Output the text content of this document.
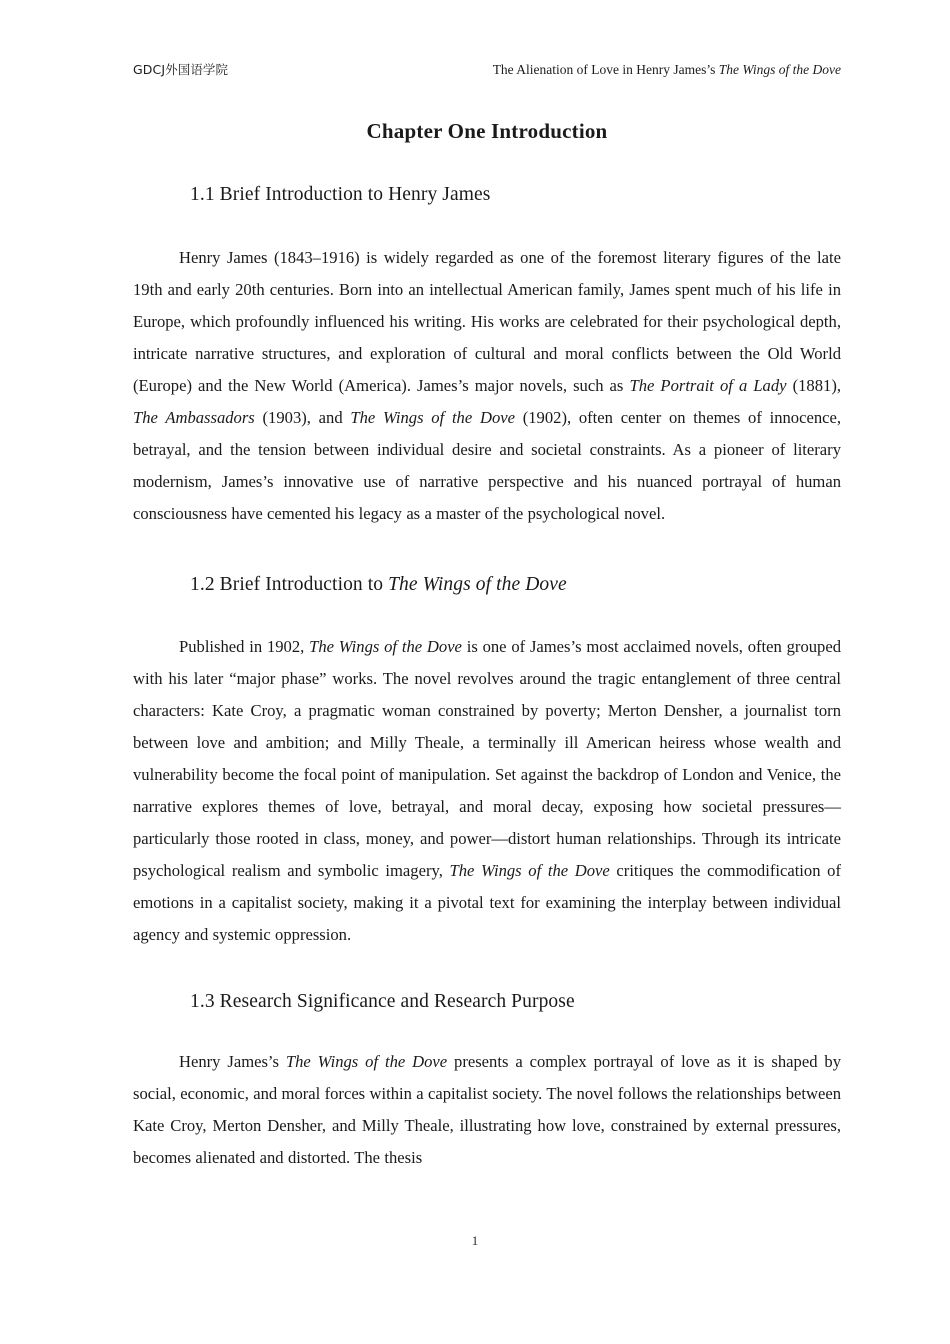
GDCJ外国语学院	The Alienation of Love in Henry James’s The Wings of the Dove
Chapter One Introduction
1.1 Brief Introduction to Henry James

Henry James (1843–1916) is widely regarded as one of the foremost literary figures of the late 19th and early 20th centuries. Born into an intellectual American family, James spent much of his life in Europe, which profoundly influenced his writing. His works are celebrated for their psychological depth, intricate narrative structures, and exploration of cultural and moral conflicts between the Old World (Europe) and the New World (America). James’s major novels, such as The Portrait of a Lady (1881), The Ambassadors (1903), and The Wings of the Dove (1902), often center on themes of innocence, betrayal, and the tension between individual desire and societal constraints. As a pioneer of literary modernism, James’s innovative use of narrative perspective and his nuanced portrayal of human consciousness have cemented his legacy as a master of the psychological novel.

1.2 Brief Introduction to The Wings of the Dove

Published in 1902, The Wings of the Dove is one of James’s most acclaimed novels, often grouped with his later “major phase” works. The novel revolves around the tragic entanglement of three central characters: Kate Croy, a pragmatic woman constrained by poverty; Merton Densher, a journalist torn between love and ambition; and Milly Theale, a terminally ill American heiress whose wealth and vulnerability become the focal point of manipulation. Set against the backdrop of London and Venice, the narrative explores themes of love, betrayal, and moral decay, exposing how societal pressures—particularly those rooted in class, money, and power—distort human relationships. Through its intricate psychological realism and symbolic imagery, The Wings of the Dove critiques the commodification of emotions in a capitalist society, making it a pivotal text for examining the interplay between individual agency and systemic oppression.

1.3 Research Significance and Research Purpose

Henry James’s The Wings of the Dove presents a complex portrayal of love as it is shaped by social, economic, and moral forces within a capitalist society. The novel follows the relationships between Kate Croy, Merton Densher, and Milly Theale, illustrating how love, constrained by external pressures, becomes alienated and distorted. The thesis

1
